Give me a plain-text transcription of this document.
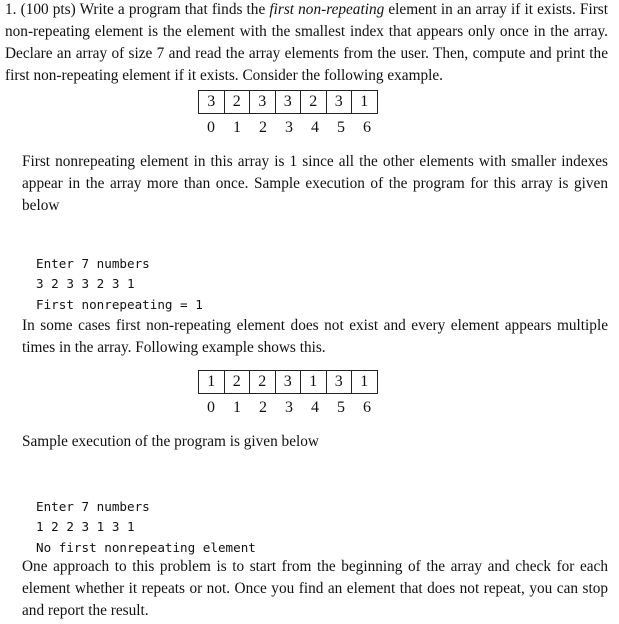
1. (100 pts) Write a program that finds the first non-repeating element in an array if it exists. First non-repeating element is the element with the smallest index that appears only once in the array. Declare an array of size 7 and read the array elements from the user. Then, compute and print the first non-repeating element if it exists. Consider the following example.
3	2	3	3	2	3	1
0	1	2	3	4	5	6
First nonrepeating element in this array is 1 since all the other elements with smaller indexes appear in the array more than once. Sample execution of the program for this array is given below

Enter 7 numbers
3 2 3 3 2 3 1
First nonrepeating = 1
In some cases first non-repeating element does not exist and every element appears multiple times in the array. Following example shows this.
1	2	2	3	1	3	1
0	1	2	3	4	5	6
Sample execution of the program is given below

Enter 7 numbers
1 2 2 3 1 3 1
No first nonrepeating element
One approach to this problem is to start from the beginning of the array and check for each element whether it repeats or not. Once you find an element that does not repeat, you can stop and report the result.
